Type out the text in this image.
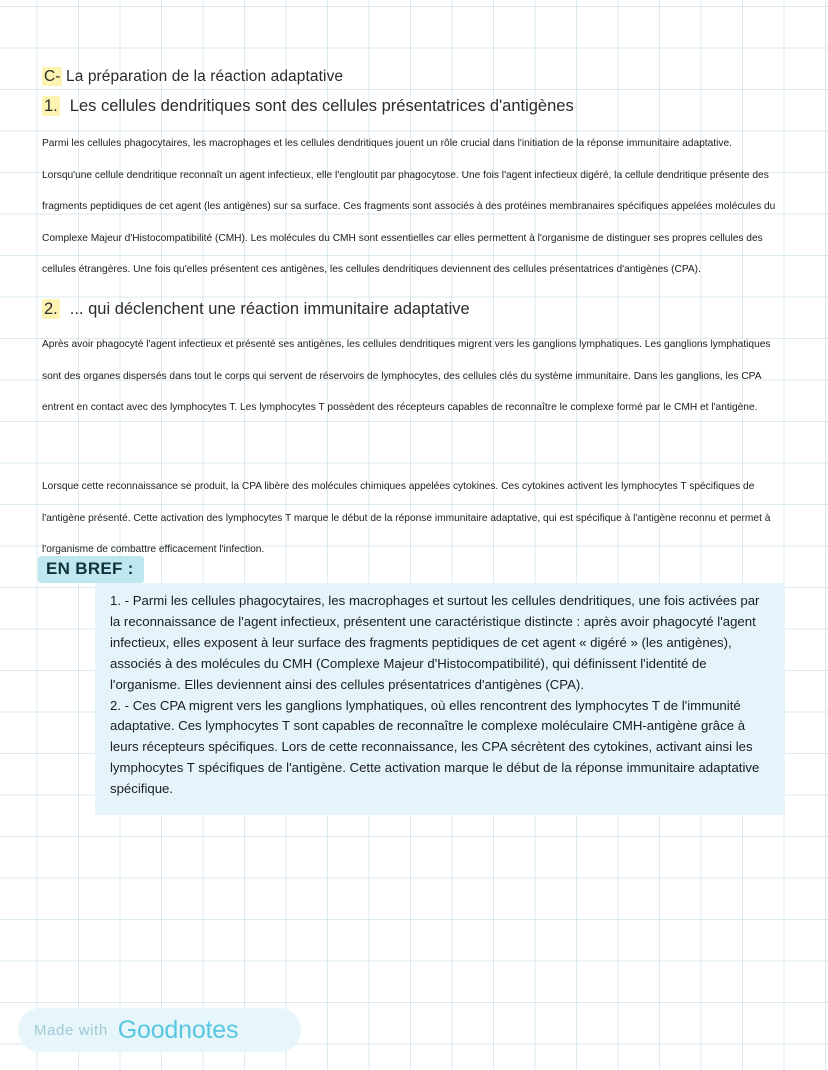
C- La préparation de la réaction adaptative
1. Les cellules dendritiques sont des cellules présentatrices d'antigènes
Parmi les cellules phagocytaires, les macrophages et les cellules dendritiques jouent un rôle crucial dans l'initiation de la réponse immunitaire adaptative. Lorsqu'une cellule dendritique reconnaît un agent infectieux, elle l'engloutit par phagocytose. Une fois l'agent infectieux digéré, la cellule dendritique présente des fragments peptidiques de cet agent (les antigènes) sur sa surface. Ces fragments sont associés à des protéines membranaires spécifiques appelées molécules du Complexe Majeur d'Histocompatibilité (CMH). Les molécules du CMH sont essentielles car elles permettent à l'organisme de distinguer ses propres cellules des cellules étrangères. Une fois qu'elles présentent ces antigènes, les cellules dendritiques deviennent des cellules présentatrices d'antigènes (CPA).
2. ... qui déclenchent une réaction immunitaire adaptative
Après avoir phagocyté l'agent infectieux et présenté ses antigènes, les cellules dendritiques migrent vers les ganglions lymphatiques. Les ganglions lymphatiques sont des organes dispersés dans tout le corps qui servent de réservoirs de lymphocytes, des cellules clés du système immunitaire. Dans les ganglions, les CPA entrent en contact avec des lymphocytes T. Les lymphocytes T possèdent des récepteurs capables de reconnaître le complexe formé par le CMH et l'antigène.
Lorsque cette reconnaissance se produit, la CPA libère des molécules chimiques appelées cytokines. Ces cytokines activent les lymphocytes T spécifiques de l'antigène présenté. Cette activation des lymphocytes T marque le début de la réponse immunitaire adaptative, qui est spécifique à l'antigène reconnu et permet à l'organisme de combattre efficacement l'infection.
EN BREF :

1. - Parmi les cellules phagocytaires, les macrophages et surtout les cellules dendritiques, une fois activées par la reconnaissance de l'agent infectieux, présentent une caractéristique distincte : après avoir phagocyté l'agent infectieux, elles exposent à leur surface des fragments peptidiques de cet agent « digéré » (les antigènes), associés à des molécules du CMH (Complexe Majeur d'Histocompatibilité), qui définissent l'identité de l'organisme. Elles deviennent ainsi des cellules présentatrices d'antigènes (CPA).

2. - Ces CPA migrent vers les ganglions lymphatiques, où elles rencontrent des lymphocytes T de l'immunité adaptative. Ces lymphocytes T sont capables de reconnaître le complexe moléculaire CMH-antigène grâce à leurs récepteurs spécifiques. Lors de cette reconnaissance, les CPA sécrètent des cytokines, activant ainsi les lymphocytes T spécifiques de l'antigène. Cette activation marque le début de la réponse immunitaire adaptative spécifique.

Made with Goodnotes
